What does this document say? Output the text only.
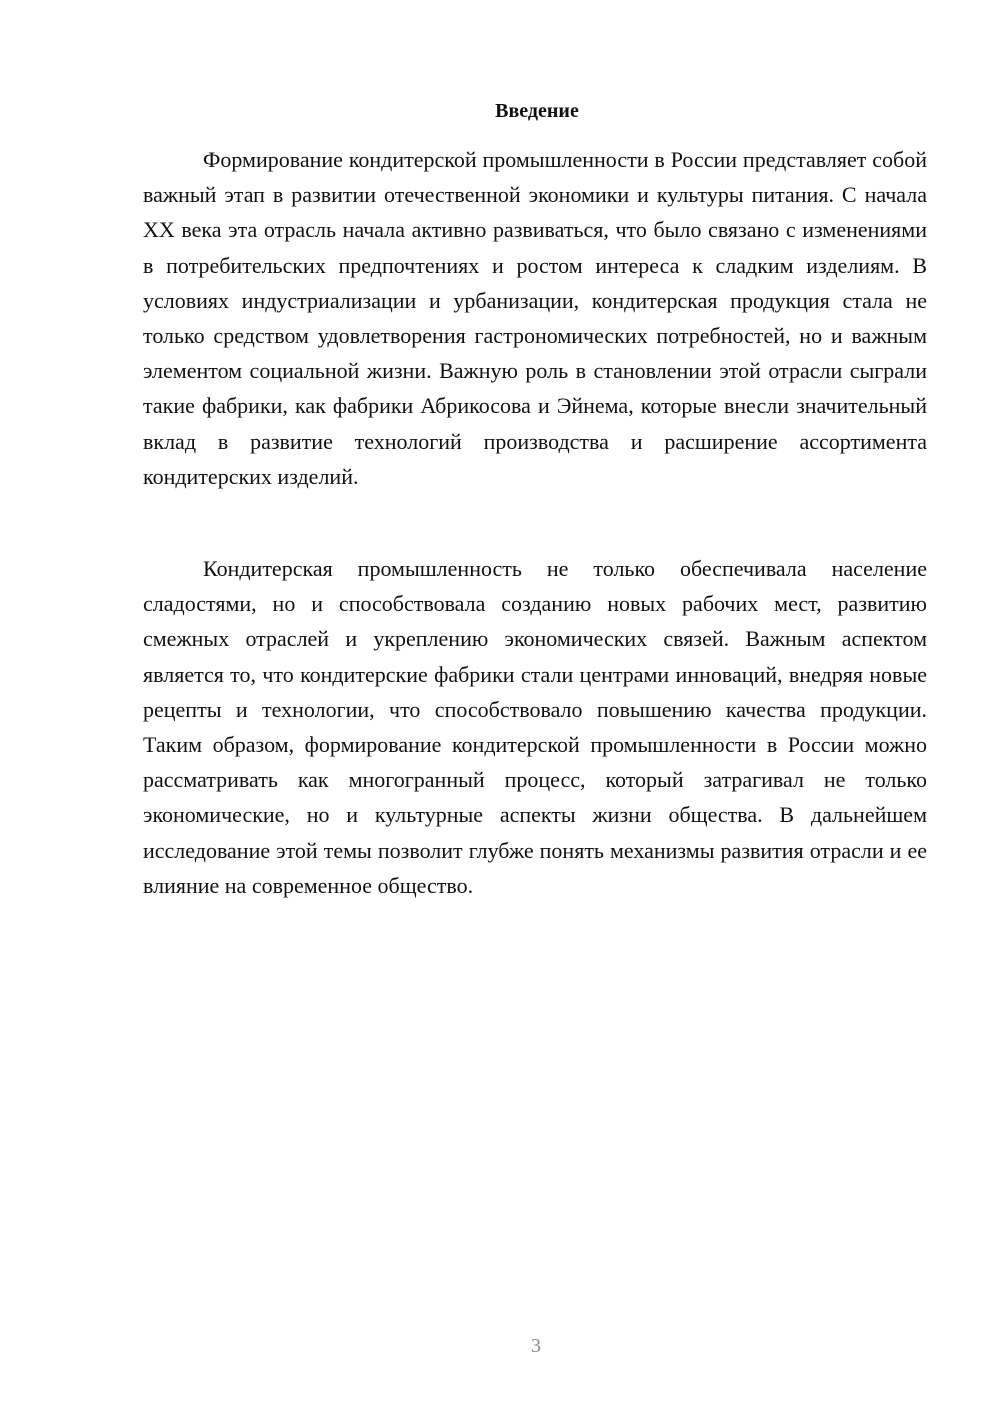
Введение

Формирование кондитерской промышленности в России представляет собой важный этап в развитии отечественной экономики и культуры питания. С начала XX века эта отрасль начала активно развиваться, что было связано с изменениями в потребительских предпочтениях и ростом интереса к сладким изделиям. В условиях индустриализации и урбанизации, кондитерская продукция стала не только средством удовлетворения гастрономических потребностей, но и важным элементом социальной жизни. Важную роль в становлении этой отрасли сыграли такие фабрики, как фабрики Абрикосова и Эйнема, которые внесли значительный вклад в развитие технологий производства и расширение ассортимента кондитерских изделий.

Кондитерская промышленность не только обеспечивала население сладостями, но и способствовала созданию новых рабочих мест, развитию смежных отраслей и укреплению экономических связей. Важным аспектом является то, что кондитерские фабрики стали центрами инноваций, внедряя новые рецепты и технологии, что способствовало повышению качества продукции. Таким образом, формирование кондитерской промышленности в России можно рассматривать как многогранный процесс, который затрагивал не только экономические, но и культурные аспекты жизни общества. В дальнейшем исследование этой темы позволит глубже понять механизмы развития отрасли и ее влияние на современное общество.

3
